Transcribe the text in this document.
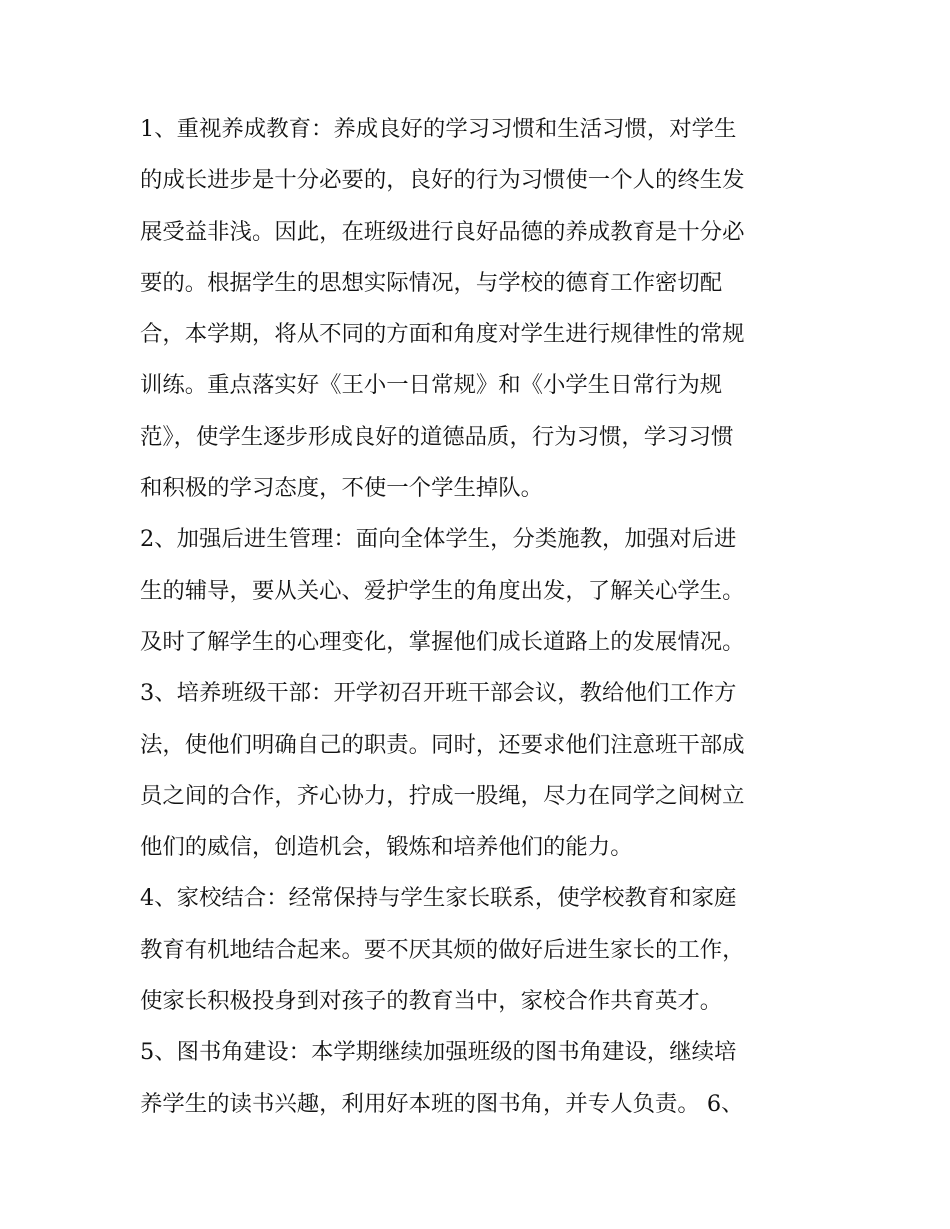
1、重视养成教育：养成良好的学习习惯和生活习惯，对学生
的成长进步是十分必要的，良好的行为习惯使一个人的终生发
展受益非浅。因此，在班级进行良好品德的养成教育是十分必
要的。根据学生的思想实际情况，与学校的德育工作密切配
合，本学期，将从不同的方面和角度对学生进行规律性的常规
训练。重点落实好《王小一日常规》和《小学生日常行为规
范》，使学生逐步形成良好的道德品质，行为习惯，学习习惯
和积极的学习态度，不使一个学生掉队。
2、加强后进生管理：面向全体学生，分类施教，加强对后进
生的辅导，要从关心、爱护学生的角度出发，了解关心学生。
及时了解学生的心理变化，掌握他们成长道路上的发展情况。
3、培养班级干部：开学初召开班干部会议，教给他们工作方
法，使他们明确自己的职责。同时，还要求他们注意班干部成
员之间的合作，齐心协力，拧成一股绳，尽力在同学之间树立
他们的威信，创造机会，锻炼和培养他们的能力。
4、家校结合：经常保持与学生家长联系，使学校教育和家庭
教育有机地结合起来。要不厌其烦的做好后进生家长的工作，
使家长积极投身到对孩子的教育当中，家校合作共育英才。
5、图书角建设：本学期继续加强班级的图书角建设，继续培
养学生的读书兴趣，利用好本班的图书角，并专人负责。 6、
